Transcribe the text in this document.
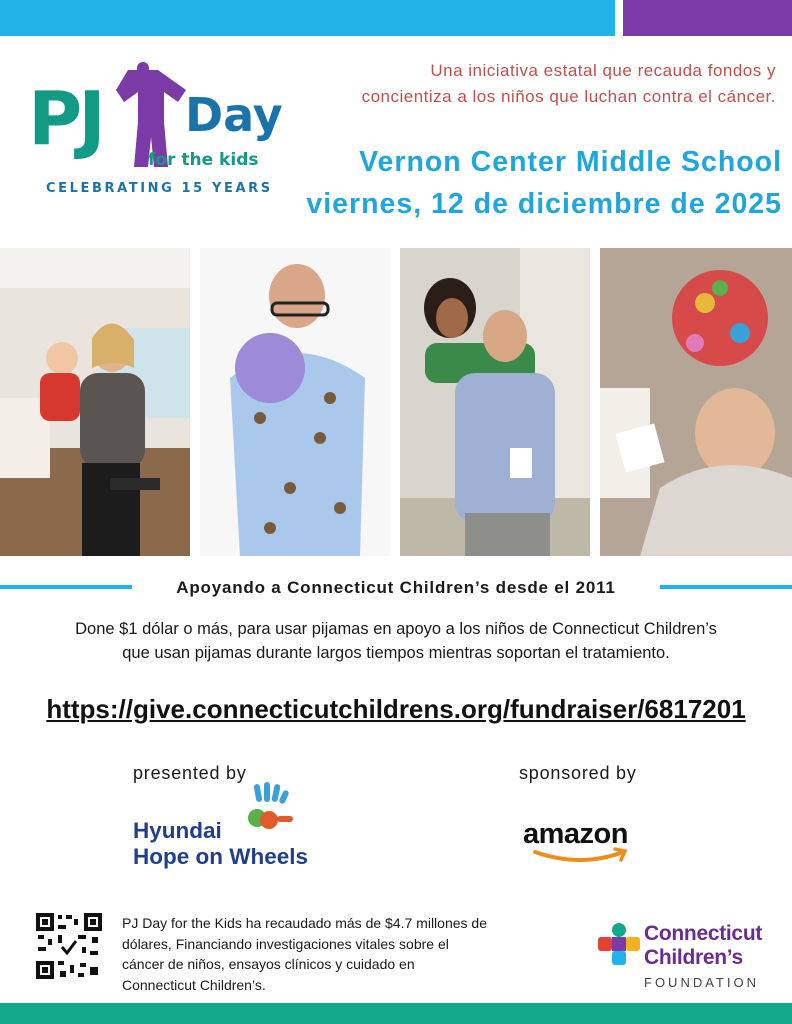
PJ Day
for the kids
CELEBRATING 15 YEARS
Una iniciativa estatal que recauda fondos y
concientiza a los niños que luchan contra el cáncer.
Vernon Center Middle School
viernes, 12 de diciembre de 2025
Apoyando a Connecticut Children’s desde el 2011
Done $1 dólar o más, para usar pijamas en apoyo a los niños de Connecticut Children’s
que usan pijamas durante largos tiempos mientras soportan el tratamiento.
https://give.connecticutchildrens.org/fundraiser/6817201
presented by	sponsored by
Hyundai
Hope on Wheels
amazon
PJ Day for the Kids ha recaudado más de $4.7 millones de
dólares, Financiando investigaciones vitales sobre el
cáncer de niños, ensayos clínicos y cuidado en
Connecticut Children’s.
Connecticut
Children’s
FOUNDATION
